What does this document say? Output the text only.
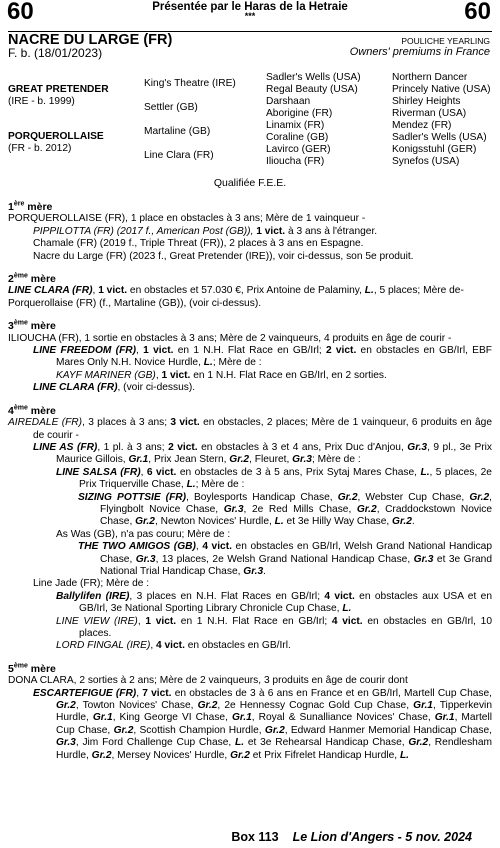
60	60
Présentée par le Haras de la Hetraie
***
NACRE DU LARGE (FR)
F. b. (18/01/2023)
POULICHE YEARLING
Owners' premiums in France
GREAT PRETENDER
(IRE - b. 1999)
PORQUEROLLAISE
(FR - b. 2012)
King's Theatre (IRE)
Settler (GB)
Martaline (GB)
Line Clara (FR)
Sadler's Wells (USA)
Regal Beauty (USA)
Darshaan
Aborigine (FR)
Linamix (FR)
Coraline (GB)
Lavirco (GER)
Ilioucha (FR)
Northern Dancer
Princely Native (USA)
Shirley Heights
Riverman (USA)
Mendez (FR)
Sadler's Wells (USA)
Konigsstuhl (GER)
Synefos (USA)
Qualifiée F.E.E.
1ère mère
PORQUEROLLAISE (FR), 1 place en obstacles à 3 ans; Mère de 1 vainqueur -
PIPPILOTTA (FR) (2017 f., American Post (GB)), 1 vict. à 3 ans à l'étranger.
Chamale (FR) (2019 f., Triple Threat (FR)), 2 places à 3 ans en Espagne.
Nacre du Large (FR) (2023 f., Great Pretender (IRE)), voir ci-dessus, son 5e produit.
2ème mère
LINE CLARA (FR), 1 vict. en obstacles et 57.030 €, Prix Antoine de Palaminy, L., 5 places; Mère de-
Porquerollaise (FR) (f., Martaline (GB)), (voir ci-dessus).
3ème mère
ILIOUCHA (FR), 1 sortie en obstacles à 3 ans; Mère de 2 vainqueurs, 4 produits en âge de courir -
LINE FREEDOM (FR), 1 vict. en 1 N.H. Flat Race en GB/Irl; 2 vict. en obstacles en GB/Irl, EBF Mares Only N.H. Novice Hurdle, L.; Mère de :
KAYF MARINER (GB), 1 vict. en 1 N.H. Flat Race en GB/Irl, en 2 sorties.
LINE CLARA (FR), (voir ci-dessus).
4ème mère
AIREDALE (FR), 3 places à 3 ans; 3 vict. en obstacles, 2 places; Mère de 1 vainqueur, 6 produits en âge de courir -
LINE AS (FR), 1 pl. à 3 ans; 2 vict. en obstacles à 3 et 4 ans, Prix Duc d'Anjou, Gr.3, 9 pl., 3e Prix Maurice Gillois, Gr.1, Prix Jean Stern, Gr.2, Fleuret, Gr.3; Mère de :
LINE SALSA (FR), 6 vict. en obstacles de 3 à 5 ans, Prix Sytaj Mares Chase, L., 5 places, 2e Prix Triquerville Chase, L.; Mère de :
SIZING POTTSIE (FR), Boylesports Handicap Chase, Gr.2, Webster Cup Chase, Gr.2, Flyingbolt Novice Chase, Gr.3, 2e Red Mills Chase, Gr.2, Craddockstown Novice Chase, Gr.2, Newton Novices' Hurdle, L. et 3e Hilly Way Chase, Gr.2.
As Was (GB), n'a pas couru; Mère de :
THE TWO AMIGOS (GB), 4 vict. en obstacles en GB/Irl, Welsh Grand National Handicap Chase, Gr.3, 13 places, 2e Welsh Grand National Handicap Chase, Gr.3 et 3e Grand National Trial Handicap Chase, Gr.3.
Line Jade (FR); Mère de :
Ballylifen (IRE), 3 places en N.H. Flat Races en GB/Irl; 4 vict. en obstacles aux USA et en GB/Irl, 3e National Sporting Library Chronicle Cup Chase, L.
LINE VIEW (IRE), 1 vict. en 1 N.H. Flat Race en GB/Irl; 4 vict. en obstacles en GB/Irl, 10 places.
LORD FINGAL (IRE), 4 vict. en obstacles en GB/Irl.
5ème mère
DONA CLARA, 2 sorties à 2 ans; Mère de 2 vainqueurs, 3 produits en âge de courir dont
ESCARTEFIGUE (FR), 7 vict. en obstacles de 3 à 6 ans en France et en GB/Irl, Martell Cup Chase, Gr.2, Towton Novices' Chase, Gr.2, 2e Hennessy Cognac Gold Cup Chase, Gr.1, Tipperkevin Hurdle, Gr.1, King George VI Chase, Gr.1, Royal & Sunalliance Novices' Chase, Gr.1, Martell Cup Chase, Gr.2, Scottish Champion Hurdle, Gr.2, Edward Hanmer Memorial Handicap Chase, Gr.3, Jim Ford Challenge Cup Chase, L. et 3e Rehearsal Handicap Chase, Gr.2, Rendlesham Hurdle, Gr.2, Mersey Novices' Hurdle, Gr.2 et Prix Fifrelet Handicap Hurdle, L.
Box 113 Le Lion d'Angers - 5 nov. 2024
